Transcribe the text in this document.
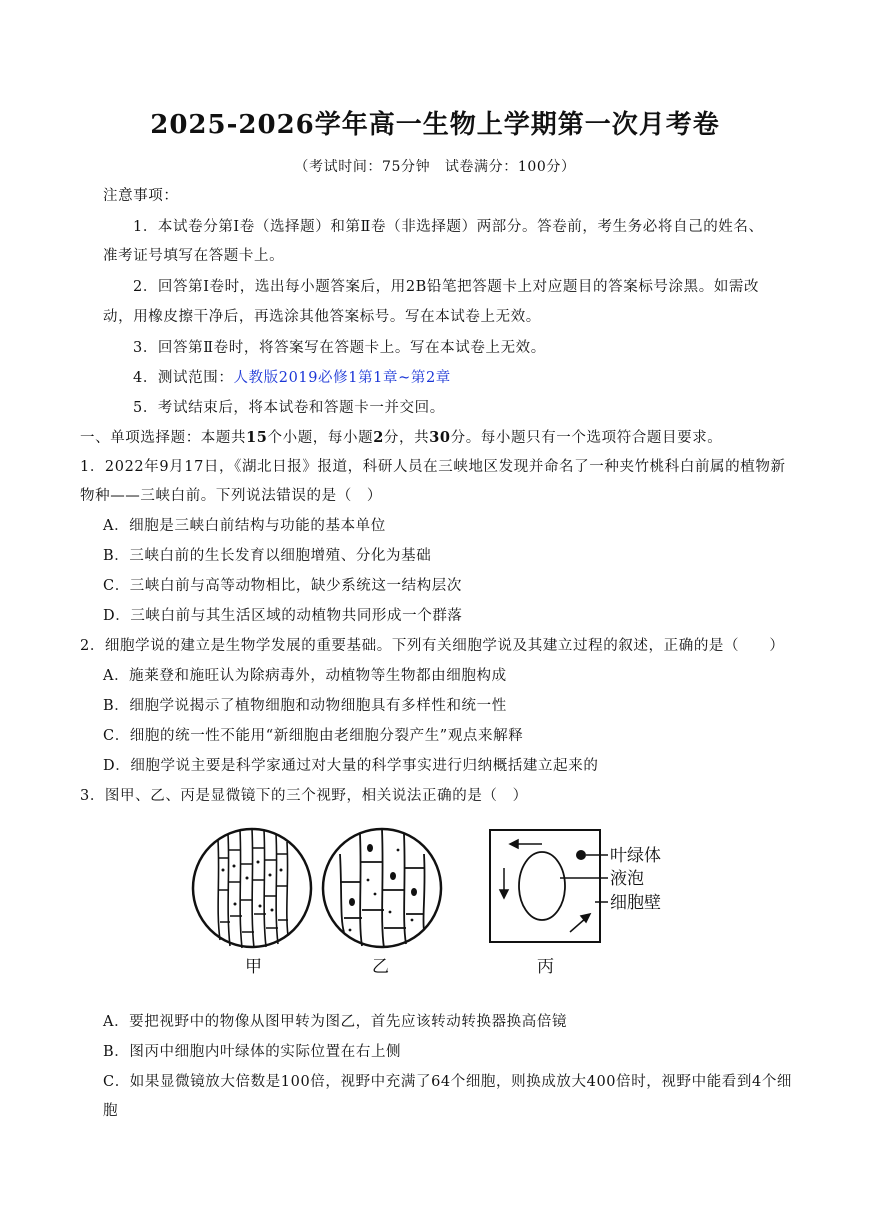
2025-2026学年高一生物上学期第一次月考卷
（考试时间：75分钟　试卷满分：100分）
注意事项：
1．本试卷分第Ⅰ卷（选择题）和第Ⅱ卷（非选择题）两部分。答卷前，考生务必将自己的姓名、
准考证号填写在答题卡上。
2．回答第Ⅰ卷时，选出每小题答案后，用2B铅笔把答题卡上对应题目的答案标号涂黑。如需改
动，用橡皮擦干净后，再选涂其他答案标号。写在本试卷上无效。
3．回答第Ⅱ卷时，将答案写在答题卡上。写在本试卷上无效。
4．测试范围：人教版2019必修1第1章~第2章
5．考试结束后，将本试卷和答题卡一并交回。
一、单项选择题：本题共15个小题，每小题2分，共30分。每小题只有一个选项符合题目要求。
1．2022年9月17日，《湖北日报》报道，科研人员在三峡地区发现并命名了一种夹竹桃科白前属的植物新
物种——三峡白前。下列说法错误的是（　）
A．细胞是三峡白前结构与功能的基本单位
B．三峡白前的生长发育以细胞增殖、分化为基础
C．三峡白前与高等动物相比，缺少系统这一结构层次
D．三峡白前与其生活区域的动植物共同形成一个群落
2．细胞学说的建立是生物学发展的重要基础。下列有关细胞学说及其建立过程的叙述，正确的是（　　）
A．施莱登和施旺认为除病毒外，动植物等生物都由细胞构成
B．细胞学说揭示了植物细胞和动物细胞具有多样性和统一性
C．细胞的统一性不能用“新细胞由老细胞分裂产生”观点来解释
D．细胞学说主要是科学家通过对大量的科学事实进行归纳概括建立起来的
3．图甲、乙、丙是显微镜下的三个视野，相关说法正确的是（　）
叶绿体
液泡
细胞壁
甲	乙	丙
A．要把视野中的物像从图甲转为图乙，首先应该转动转换器换高倍镜
B．图丙中细胞内叶绿体的实际位置在右上侧
C．如果显微镜放大倍数是100倍，视野中充满了64个细胞，则换成放大400倍时，视野中能看到4个细
胞
